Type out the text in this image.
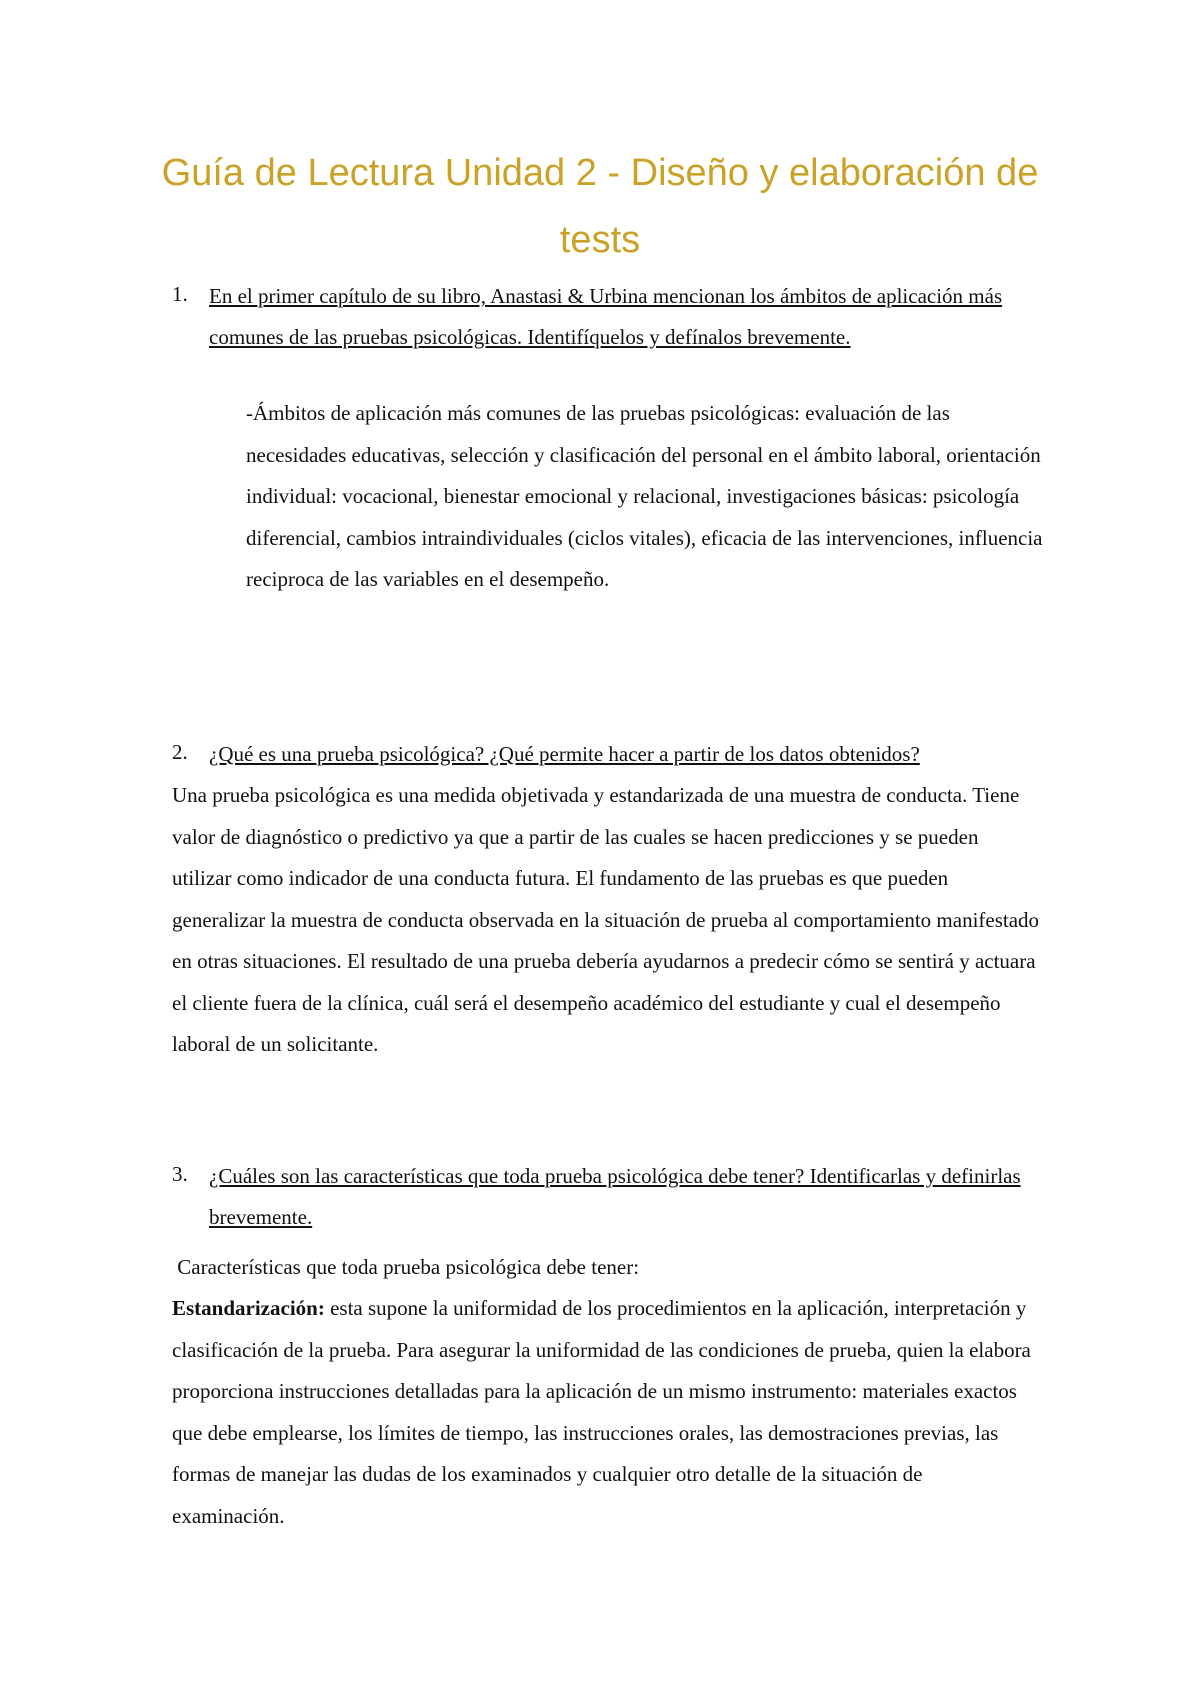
Guía de Lectura Unidad 2 - Diseño y elaboración de tests
1. En el primer capítulo de su libro, Anastasi & Urbina mencionan los ámbitos de aplicación más comunes de las pruebas psicológicas. Identifíquelos y defínalos brevemente.
-Ámbitos de aplicación más comunes de las pruebas psicológicas: evaluación de las necesidades educativas, selección y clasificación del personal en el ámbito laboral, orientación individual: vocacional, bienestar emocional y relacional, investigaciones básicas: psicología diferencial, cambios intraindividuales (ciclos vitales), eficacia de las intervenciones, influencia reciproca de las variables en el desempeño.
2. ¿Qué es una prueba psicológica? ¿Qué permite hacer a partir de los datos obtenidos?
Una prueba psicológica es una medida objetivada y estandarizada de una muestra de conducta. Tiene valor de diagnóstico o predictivo ya que a partir de las cuales se hacen predicciones y se pueden utilizar como indicador de una conducta futura. El fundamento de las pruebas es que pueden generalizar la muestra de conducta observada en la situación de prueba al comportamiento manifestado en otras situaciones. El resultado de una prueba debería ayudarnos a predecir cómo se sentirá y actuara el cliente fuera de la clínica, cuál será el desempeño académico del estudiante y cual el desempeño laboral de un solicitante.
3. ¿Cuáles son las características que toda prueba psicológica debe tener? Identificarlas y definirlas brevemente.
Características que toda prueba psicológica debe tener:
Estandarización: esta supone la uniformidad de los procedimientos en la aplicación, interpretación y clasificación de la prueba. Para asegurar la uniformidad de las condiciones de prueba, quien la elabora proporciona instrucciones detalladas para la aplicación de un mismo instrumento: materiales exactos que debe emplearse, los límites de tiempo, las instrucciones orales, las demostraciones previas, las formas de manejar las dudas de los examinados y cualquier otro detalle de la situación de examinación.
